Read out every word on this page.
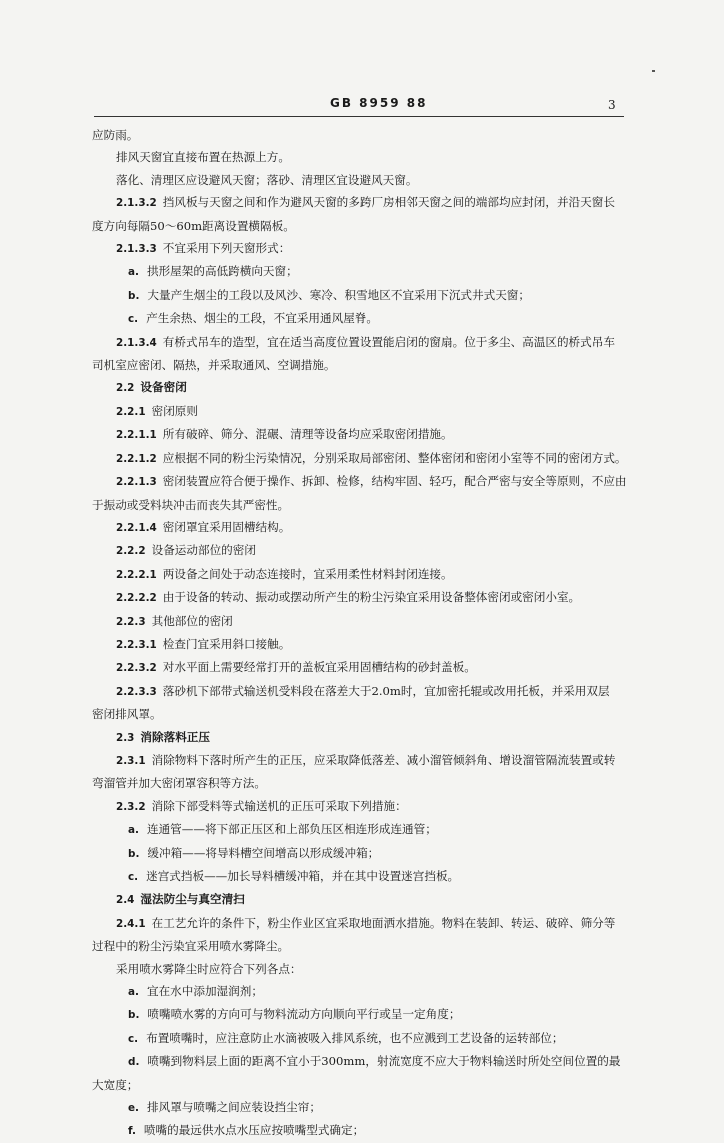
GB 8959 88	3
应防雨。
排风天窗宜直接布置在热源上方。
落化、清理区应设避风天窗；落砂、清理区宜设避风天窗。
2.1.3.2 挡风板与天窗之间和作为避风天窗的多跨厂房相邻天窗之间的端部均应封闭，并沿天窗长
度方向每隔50～60m距离设置横隔板。
2.1.3.3 不宜采用下列天窗形式：
a. 拱形屋架的高低跨横向天窗；
b. 大量产生烟尘的工段以及风沙、寒冷、积雪地区不宜采用下沉式井式天窗；
c. 产生余热、烟尘的工段，不宜采用通风屋脊。
2.1.3.4 有桥式吊车的造型，宜在适当高度位置设置能启闭的窗扇。位于多尘、高温区的桥式吊车
司机室应密闭、隔热，并采取通风、空调措施。
2.2 设备密闭
2.2.1 密闭原则
2.2.1.1 所有破碎、筛分、混碾、清理等设备均应采取密闭措施。
2.2.1.2 应根据不同的粉尘污染情况，分别采取局部密闭、整体密闭和密闭小室等不同的密闭方式。
2.2.1.3 密闭装置应符合便于操作、拆卸、检修，结构牢固、轻巧，配合严密与安全等原则，不应由
于振动或受料块冲击而丧失其严密性。
2.2.1.4 密闭罩宜采用固槽结构。
2.2.2 设备运动部位的密闭
2.2.2.1 两设备之间处于动态连接时，宜采用柔性材料封闭连接。
2.2.2.2 由于设备的转动、振动或摆动所产生的粉尘污染宜采用设备整体密闭或密闭小室。
2.2.3 其他部位的密闭
2.2.3.1 检查门宜采用斜口接触。
2.2.3.2 对水平面上需要经常打开的盖板宜采用固槽结构的砂封盖板。
2.2.3.3 落砂机下部带式输送机受料段在落差大于2.0m时，宜加密托辊或改用托板，并采用双层
密闭排风罩。
2.3 消除落料正压
2.3.1 消除物料下落时所产生的正压，应采取降低落差、减小溜管倾斜角、增设溜管隔流装置或转
弯溜管并加大密闭罩容积等方法。
2.3.2 消除下部受料等式输送机的正压可采取下列措施：
a. 连通管——将下部正压区和上部负压区相连形成连通管；
b. 缓冲箱——将导料槽空间增高以形成缓冲箱；
c. 迷宫式挡板——加长导料槽缓冲箱，并在其中设置迷宫挡板。
2.4 湿法防尘与真空清扫
2.4.1 在工艺允许的条件下，粉尘作业区宜采取地面洒水措施。物料在装卸、转运、破碎、筛分等
过程中的粉尘污染宜采用喷水雾降尘。
采用喷水雾降尘时应符合下列各点：
a. 宜在水中添加湿润剂；
b. 喷嘴喷水雾的方向可与物料流动方向顺向平行或呈一定角度；
c. 布置喷嘴时，应注意防止水滴被吸入排风系统，也不应溅到工艺设备的运转部位；
d. 喷嘴到物料层上面的距离不宜小于300mm，射流宽度不应大于物料输送时所处空间位置的最
大宽度；
e. 排风罩与喷嘴之间应装设挡尘帘；
f. 喷嘴的最远供水点水压应按喷嘴型式确定；
